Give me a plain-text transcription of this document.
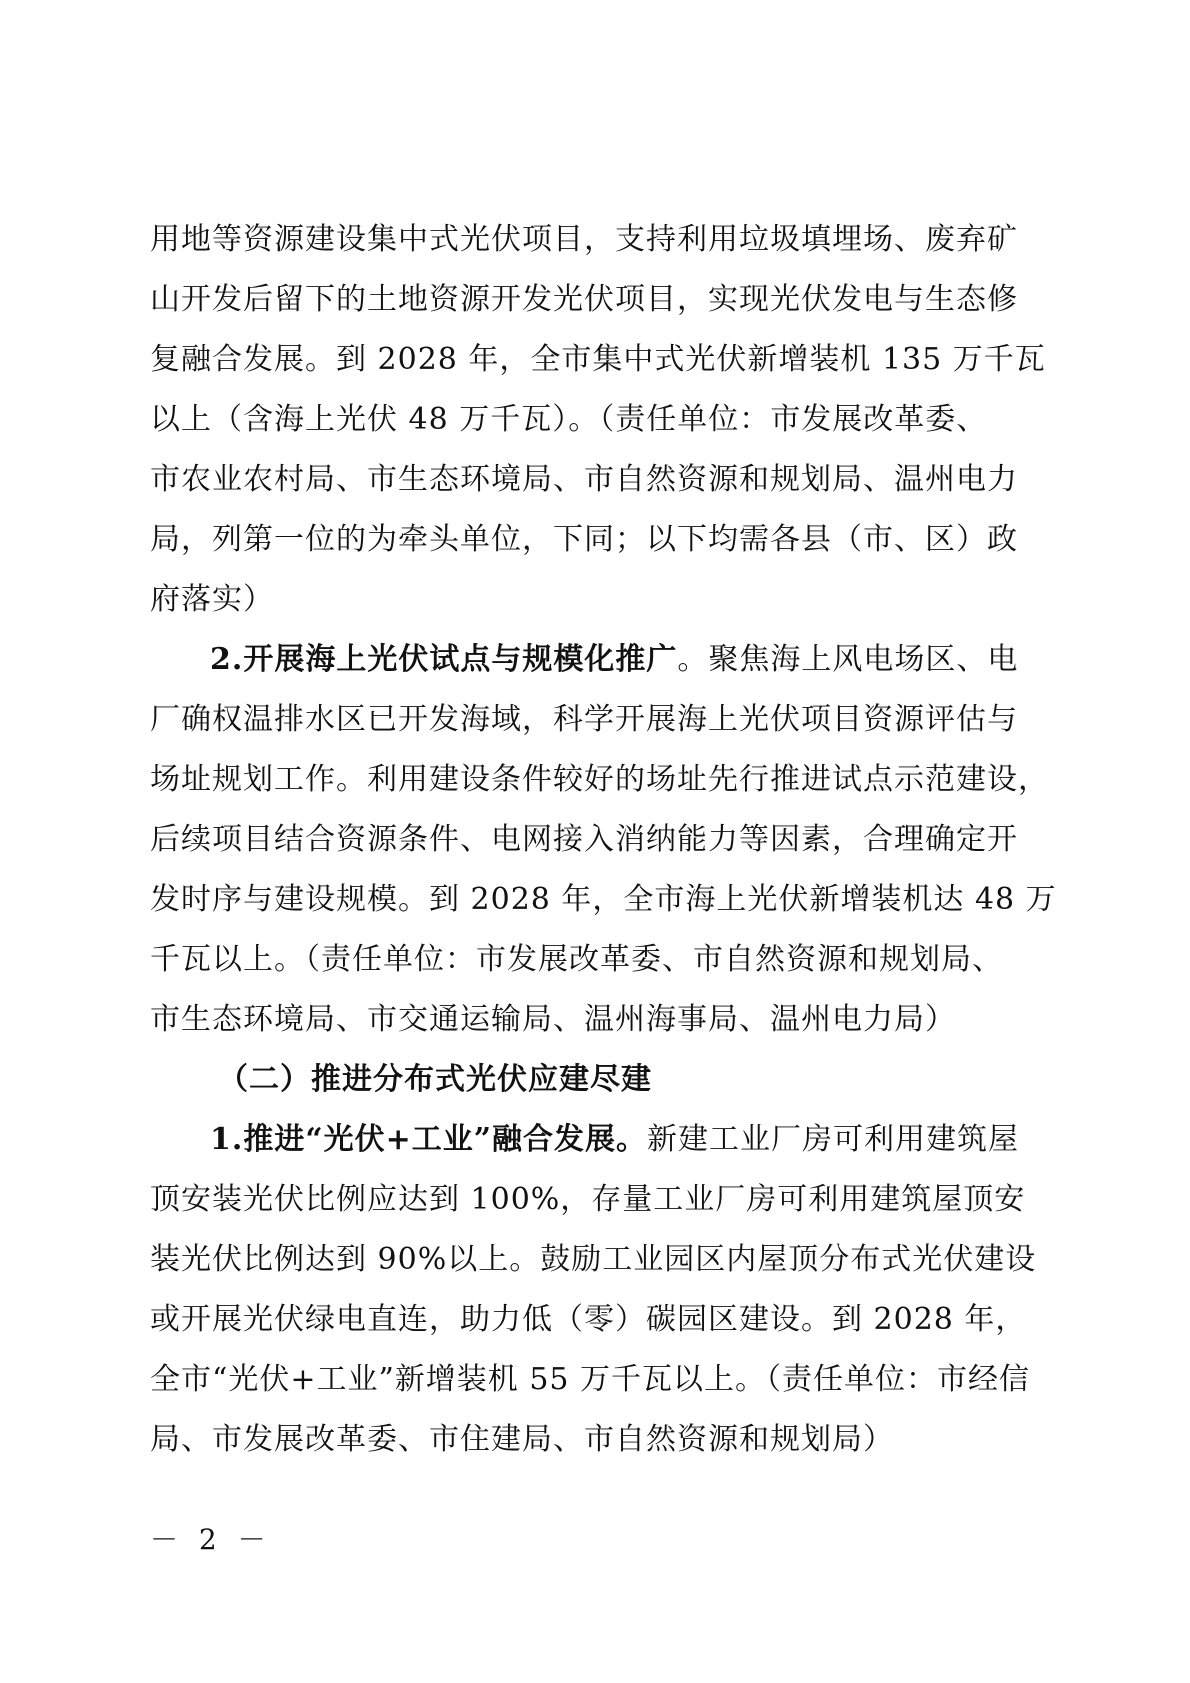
用地等资源建设集中式光伏项目，支持利用垃圾填埋场、废弃矿
山开发后留下的土地资源开发光伏项目，实现光伏发电与生态修
复融合发展。到 2028 年，全市集中式光伏新增装机 135 万千瓦
以上（含海上光伏 48 万千瓦）。（责任单位：市发展改革委、
市农业农村局、市生态环境局、市自然资源和规划局、温州电力
局，列第一位的为牵头单位，下同；以下均需各县（市、区）政
府落实）
2.开展海上光伏试点与规模化推广。聚焦海上风电场区、电
厂确权温排水区已开发海域，科学开展海上光伏项目资源评估与
场址规划工作。利用建设条件较好的场址先行推进试点示范建设，
后续项目结合资源条件、电网接入消纳能力等因素，合理确定开
发时序与建设规模。到 2028 年，全市海上光伏新增装机达 48 万
千瓦以上。（责任单位：市发展改革委、市自然资源和规划局、
市生态环境局、市交通运输局、温州海事局、温州电力局）
（二）推进分布式光伏应建尽建
1.推进“光伏+工业”融合发展。新建工业厂房可利用建筑屋
顶安装光伏比例应达到 100%，存量工业厂房可利用建筑屋顶安
装光伏比例达到 90%以上。鼓励工业园区内屋顶分布式光伏建设
或开展光伏绿电直连，助力低（零）碳园区建设。到 2028 年，
全市“光伏+工业”新增装机 55 万千瓦以上。（责任单位：市经信
局、市发展改革委、市住建局、市自然资源和规划局）
－ 2 －
